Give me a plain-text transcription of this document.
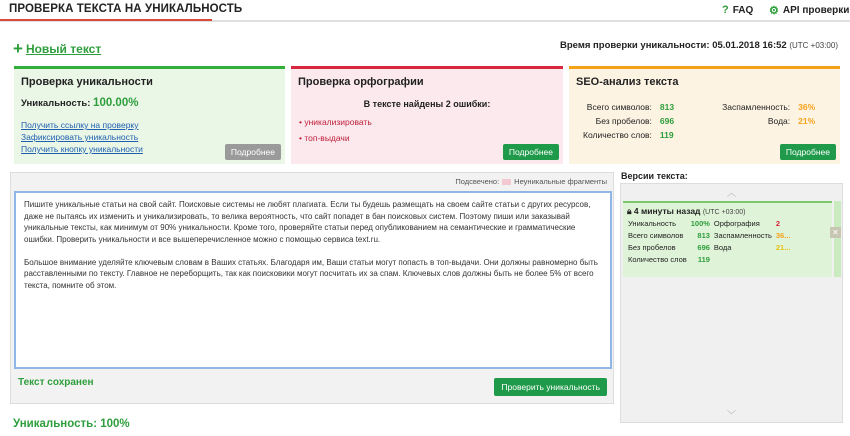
ПРОВЕРКА ТЕКСТА НА УНИКАЛЬНОСТЬ	? FAQ ⚙ API проверки
+ Новый текст	Время проверки уникальности: 05.01.2018 16:52 (UTC +03:00)
Проверка уникальности
Уникальность: 100.00%
Получить ссылку на проверку
Зафиксировать уникальность
Получить кнопку уникальности	Подробнее
Проверка орфографии
В тексте найдены 2 ошибки:
• уникализировать
• топ-выдачи
Подробнее
SEO-анализ текста
Всего символов:	813		Заспамленность:	36%
Без пробелов:	696		Вода:	21%
Количество слов:	119			
Подробнее
Подсвечено: Неуникальные фрагменты

Пишите уникальные статьи на свой сайт. Поисковые системы не любят плагиата. Если ты будешь размещать на своем сайте статьи с других ресурсов, даже не пытаясь их изменить и уникализировать, то велика вероятность, что сайт попадет в бан поисковых систем. Поэтому пиши или заказывай уникальные тексты, как минимум от 90% уникальности. Кроме того, проверяйте статьи перед опубликованием на семантические и грамматические ошибки. Проверить уникальности и все вышеперечисленное можно с помощью сервиса text.ru.

Большое внимание уделяйте ключевым словам в Ваших статьях. Благодаря им, Ваши статьи могут попасть в топ-выдачи. Они должны равномерно быть расставленными по тексту. Главное не переборщить, так как поисковики могут посчитать их за спам. Ключевых слов должны быть не более 5% от всего текста, помните об этом.

Текст сохранен	Проверить уникальность
Уникальность: 100%
Версии текста:
︿
🔒︎ 4 минуты назад (UTC +03:00)
Уникальность	100%	Орфография	2
Всего символов	813	Заспамленность	36...
Без пробелов	696	Вода	21...
Количество слов	119		
✕
﹀
